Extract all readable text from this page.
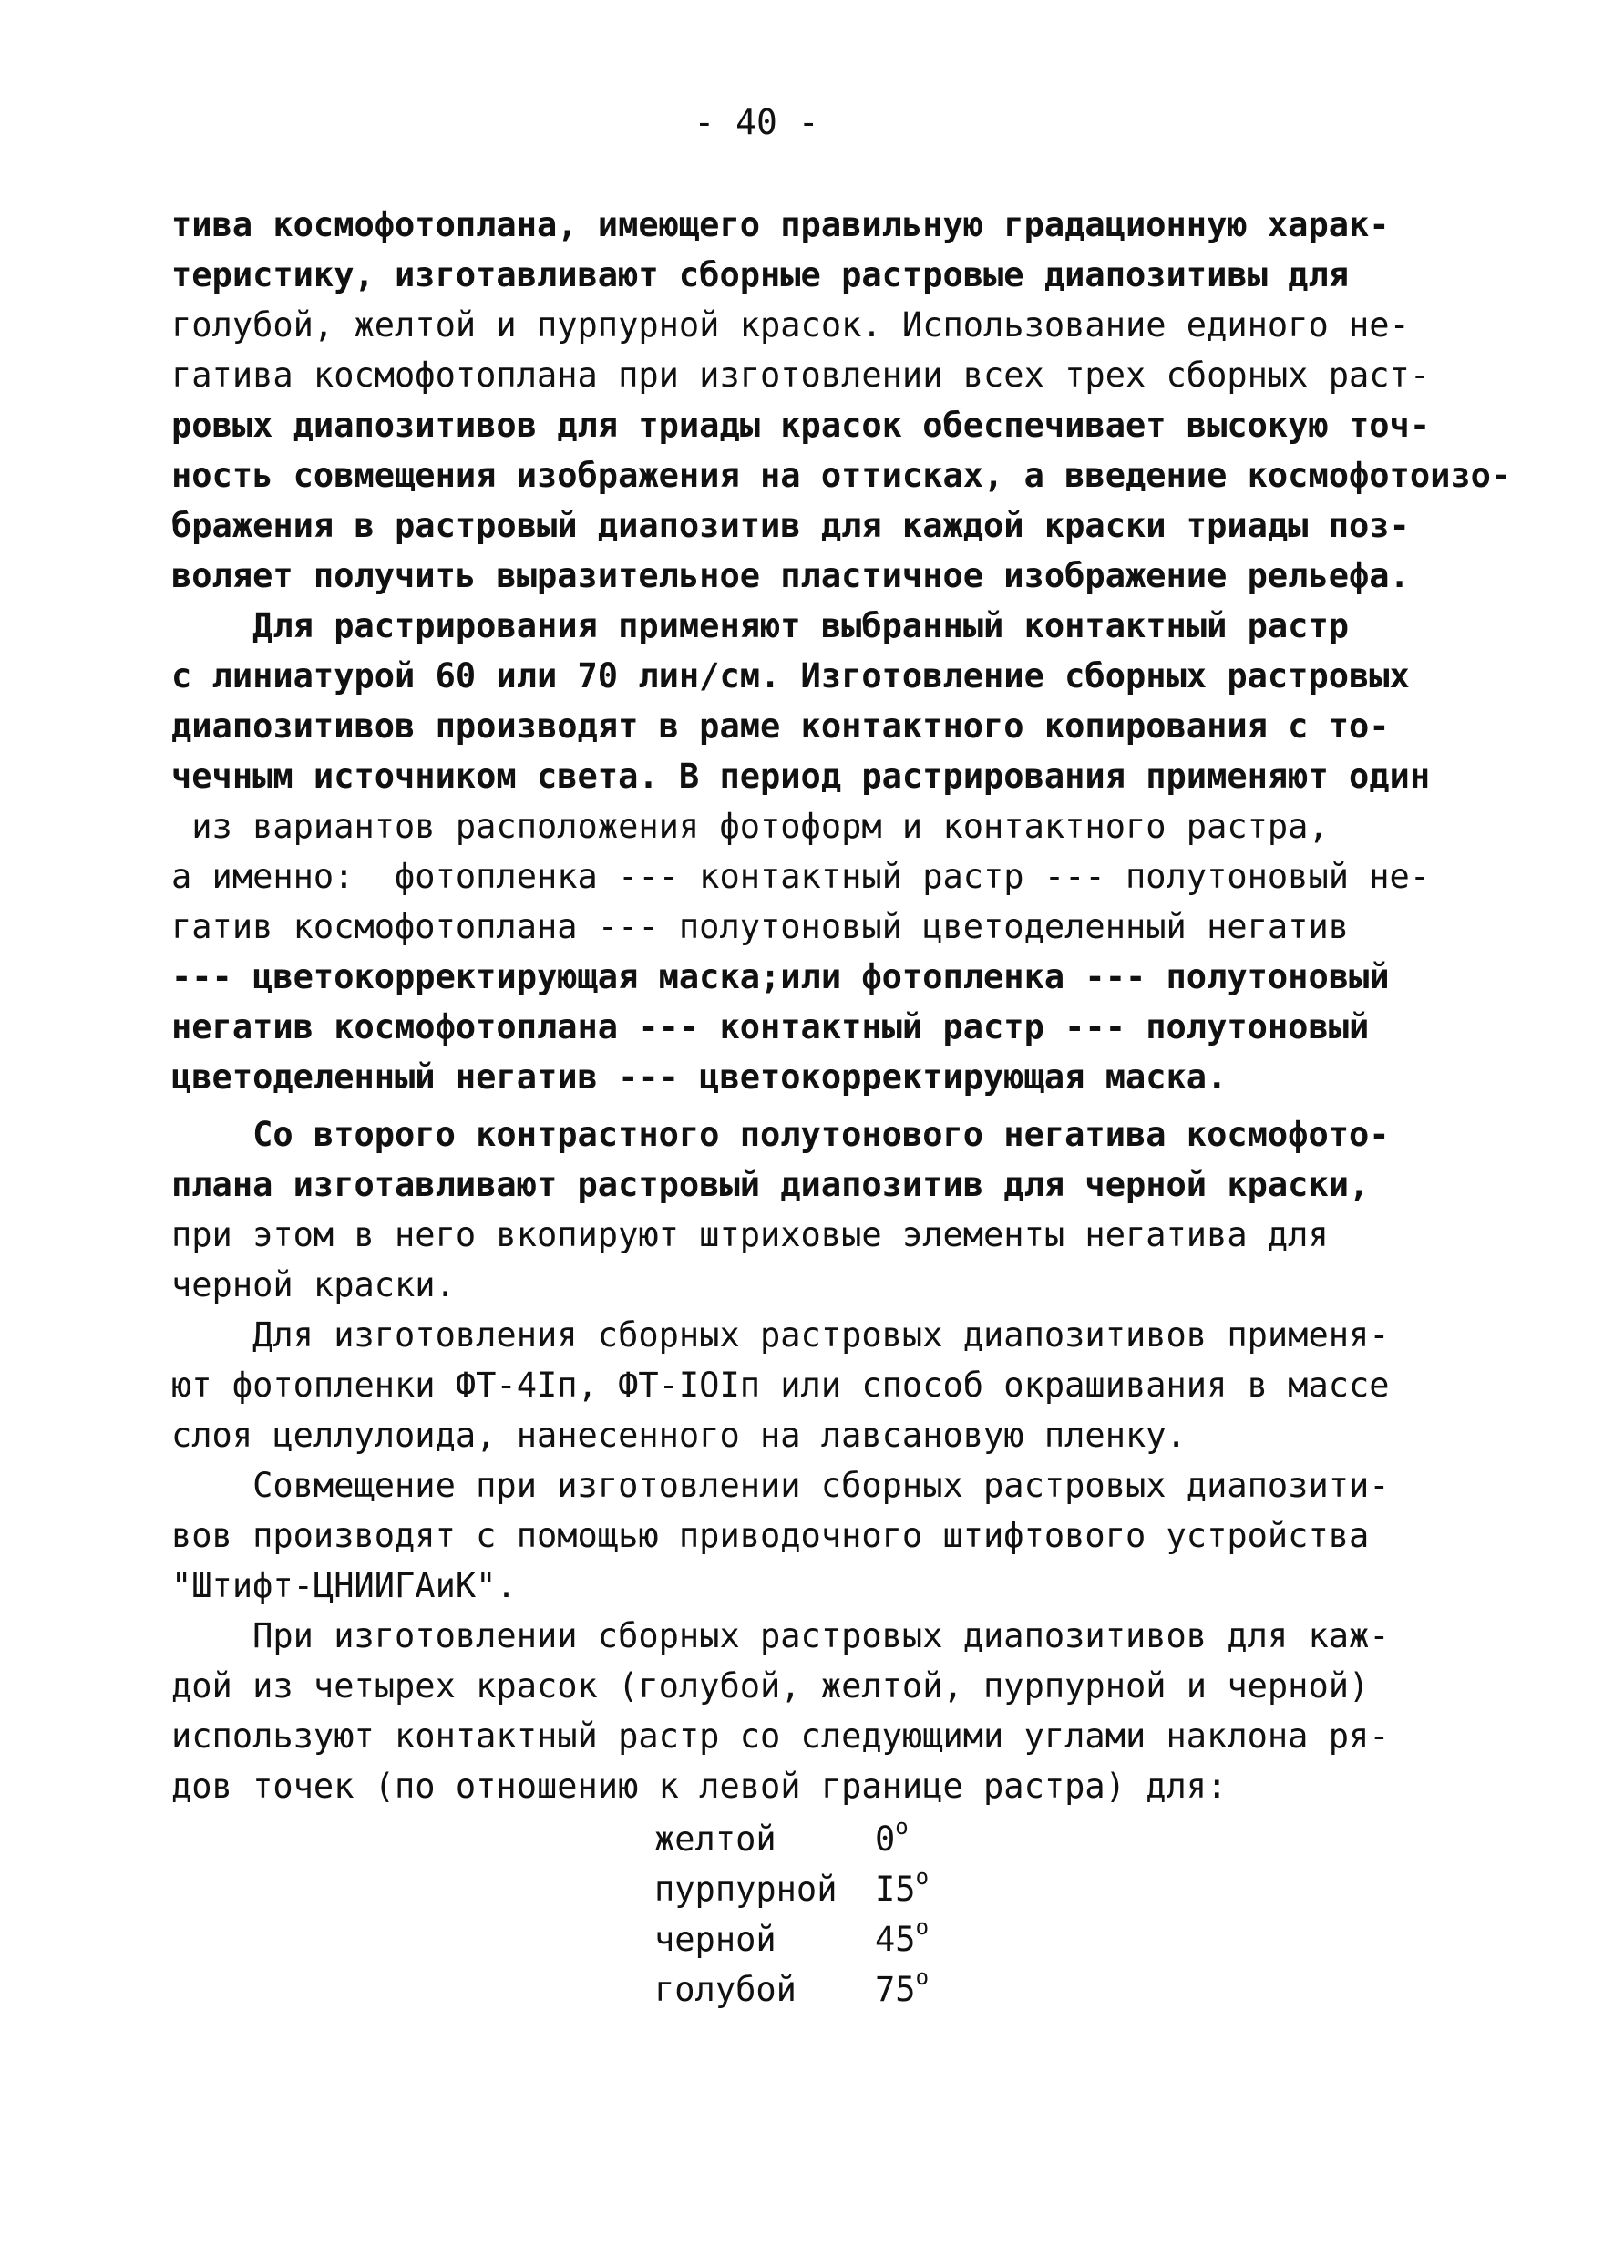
- 40 -
тива космофотоплана, имеющего правильную градационную харак-
теристику, изготавливают сборные растровые диапозитивы для
голубой, желтой и пурпурной красок. Использование единого не-
гатива космофотоплана при изготовлении всех трех сборных раст-
ровых диапозитивов для триады красок обеспечивает высокую точ-
ность совмещения изображения на оттисках, а введение космофотоизо-
бражения в растровый диапозитив для каждой краски триады поз-
воляет получить выразительное пластичное изображение рельефа.
Для растрирования применяют выбранный контактный растр
с линиатурой 60 или 70 лин/см. Изготовление сборных растровых
диапозитивов производят в раме контактного копирования с то-
чечным источником света. В период растрирования применяют один
из вариантов расположения фотоформ и контактного растра,
а именно:  фотопленка --- контактный растр --- полутоновый не-
гатив космофотоплана --- полутоновый цветоделенный негатив
--- цветокорректирующая маска;или фотопленка --- полутоновый
негатив космофотоплана --- контактный растр --- полутоновый
цветоделенный негатив --- цветокорректирующая маска.
Со второго контрастного полутонового негатива космофото-
плана изготавливают растровый диапозитив для черной краски,
при этом в него вкопируют штриховые элементы негатива для
черной краски.
Для изготовления сборных растровых диапозитивов применя-
ют фотопленки ФТ-4Iп, ФТ-IOIп или способ окрашивания в массе
слоя целлулоида, нанесенного на лавсановую пленку.
Совмещение при изготовлении сборных растровых диапозити-
вов производят с помощью приводочного штифтового устройства
"Штифт-ЦНИИГАиК".
При изготовлении сборных растровых диапозитивов для каж-
дой из четырех красок (голубой, желтой, пурпурной и черной)
используют контактный растр со следующими углами наклона ря-
дов точек (по отношению к левой границе растра) для:
желтой	0$^o$
пурпурной I5$^o$
черной	45$^o$
голубой 75$^o$
